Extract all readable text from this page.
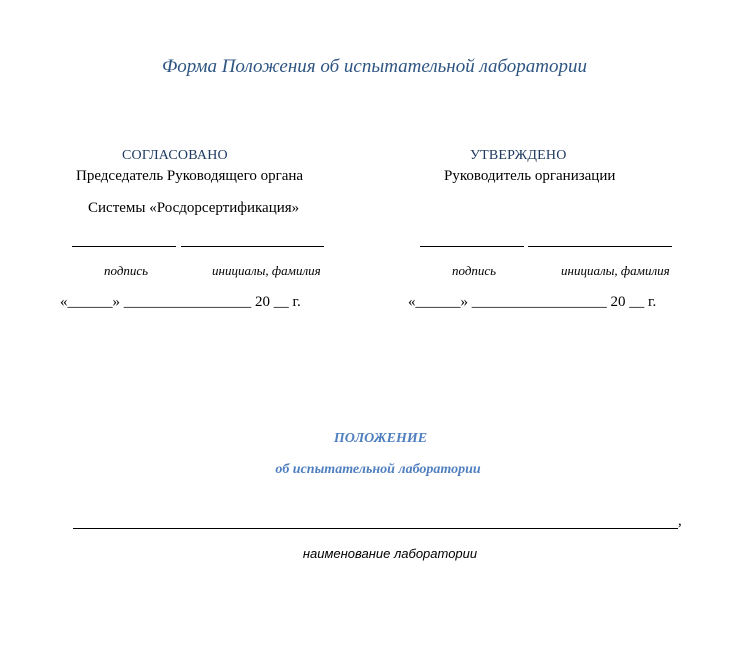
Форма Положения об испытательной лаборатории
СОГЛАСОВАНО
Председатель Руководящего органа
Системы «Росдорсертификация»
подпись	инициалы, фамилия
«______» _________________ 20 __ г.
УТВЕРЖДЕНО
Руководитель организации
подпись	инициалы, фамилия
«______» __________________ 20 __ г.
ПОЛОЖЕНИЕ
об испытательной лаборатории
,
наименование лаборатории
